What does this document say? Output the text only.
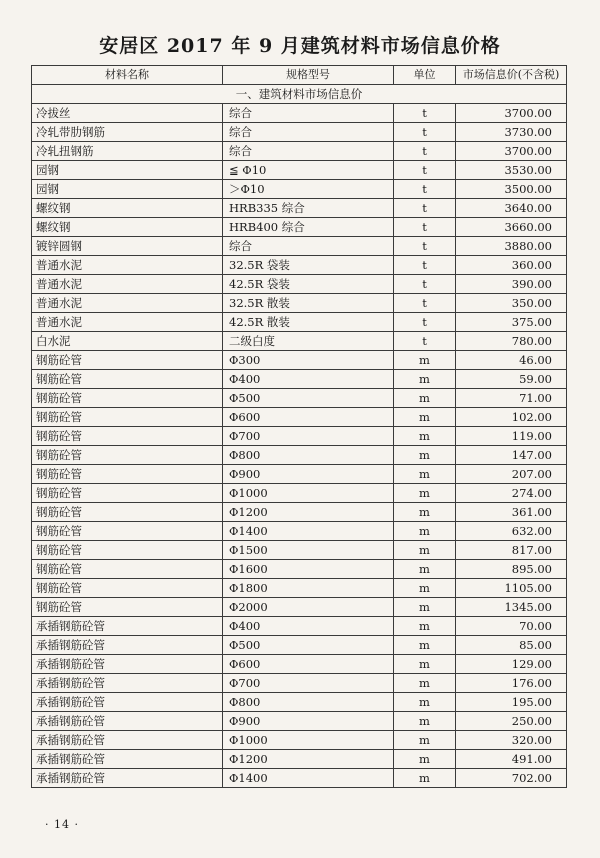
安居区 2017 年 9 月建筑材料市场信息价格
材料名称	规格型号	单位	市场信息价(不含税)
一、建筑材料市场信息价			
冷拔丝	综合	t	3700.00
冷轧带肋钢筋	综合	t	3730.00
冷轧扭钢筋	综合	t	3700.00
园钢	≦ Φ10	t	3530.00
园钢	＞Φ10	t	3500.00
螺纹钢	HRB335 综合	t	3640.00
螺纹钢	HRB400 综合	t	3660.00
镀锌圆钢	综合	t	3880.00
普通水泥	32.5R 袋装	t	360.00
普通水泥	42.5R 袋装	t	390.00
普通水泥	32.5R 散装	t	350.00
普通水泥	42.5R 散装	t	375.00
白水泥	二级白度	t	780.00
钢筋砼管	Φ300	m	46.00
钢筋砼管	Φ400	m	59.00
钢筋砼管	Φ500	m	71.00
钢筋砼管	Φ600	m	102.00
钢筋砼管	Φ700	m	119.00
钢筋砼管	Φ800	m	147.00
钢筋砼管	Φ900	m	207.00
钢筋砼管	Φ1000	m	274.00
钢筋砼管	Φ1200	m	361.00
钢筋砼管	Φ1400	m	632.00
钢筋砼管	Φ1500	m	817.00
钢筋砼管	Φ1600	m	895.00
钢筋砼管	Φ1800	m	1105.00
钢筋砼管	Φ2000	m	1345.00
承插钢筋砼管	Φ400	m	70.00
承插钢筋砼管	Φ500	m	85.00
承插钢筋砼管	Φ600	m	129.00
承插钢筋砼管	Φ700	m	176.00
承插钢筋砼管	Φ800	m	195.00
承插钢筋砼管	Φ900	m	250.00
承插钢筋砼管	Φ1000	m	320.00
承插钢筋砼管	Φ1200	m	491.00
承插钢筋砼管	Φ1400	m	702.00
· 14 ·
